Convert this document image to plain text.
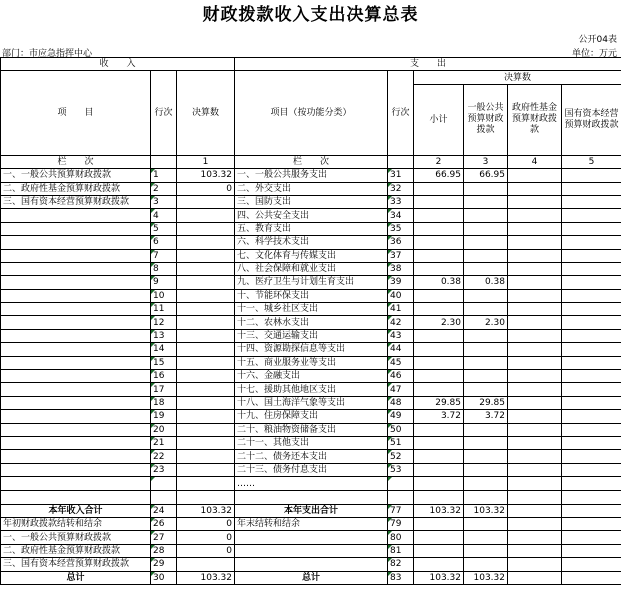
财政拨款收入支出决算总表
公开04表
部门：市应急指挥中心	单位：万元
收　　入			支　　出					
项　　目	行次	决算数	项目（按功能分类）	行次	决算数			
					小计	一般公共预算财政拨款	政府性基金预算财政拨款	国有资本经营预算财政拨款
栏　　次		1	栏　　次		2	3	4	5
一、一般公共预算财政拨款	1	103.32	一、一般公共服务支出	31	66.95	66.95		
二、政府性基金预算财政拨款	2	0	二、外交支出	32				
三、国有资本经营预算财政拨款	3		三、国防支出	33				
	4		四、公共安全支出	34				
	5		五、教育支出	35				
	6		六、科学技术支出	36				
	7		七、文化体育与传媒支出	37				
	8		八、社会保障和就业支出	38				
	9		九、医疗卫生与计划生育支出	39	0.38	0.38		
	10		十、节能环保支出	40				
	11		十一、城乡社区支出	41				
	12		十二、农林水支出	42	2.30	2.30		
	13		十三、交通运输支出	43				
	14		十四、资源勘探信息等支出	44				
	15		十五、商业服务业等支出	45				
	16		十六、金融支出	46				
	17		十七、援助其他地区支出	47				
	18		十八、国土海洋气象等支出	48	29.85	29.85		
	19		十九、住房保障支出	49	3.72	3.72		
	20		二十、粮油物资储备支出	50				
	21		二十一、其他支出	51				
	22		二十二、债务还本支出	52				
	23		二十三、债务付息支出	53				
			……					

本年收入合计	24	103.32	本年支出合计	77	103.32	103.32		
年初财政拨款结转和结余	26	0	年末结转和结余	79				
一、一般公共预算财政拨款	27	0		80				
二、政府性基金预算财政拨款	28	0		81				
三、国有资本经营预算财政拨款	29			82				
总计	30	103.32	总计	83	103.32	103.32		
